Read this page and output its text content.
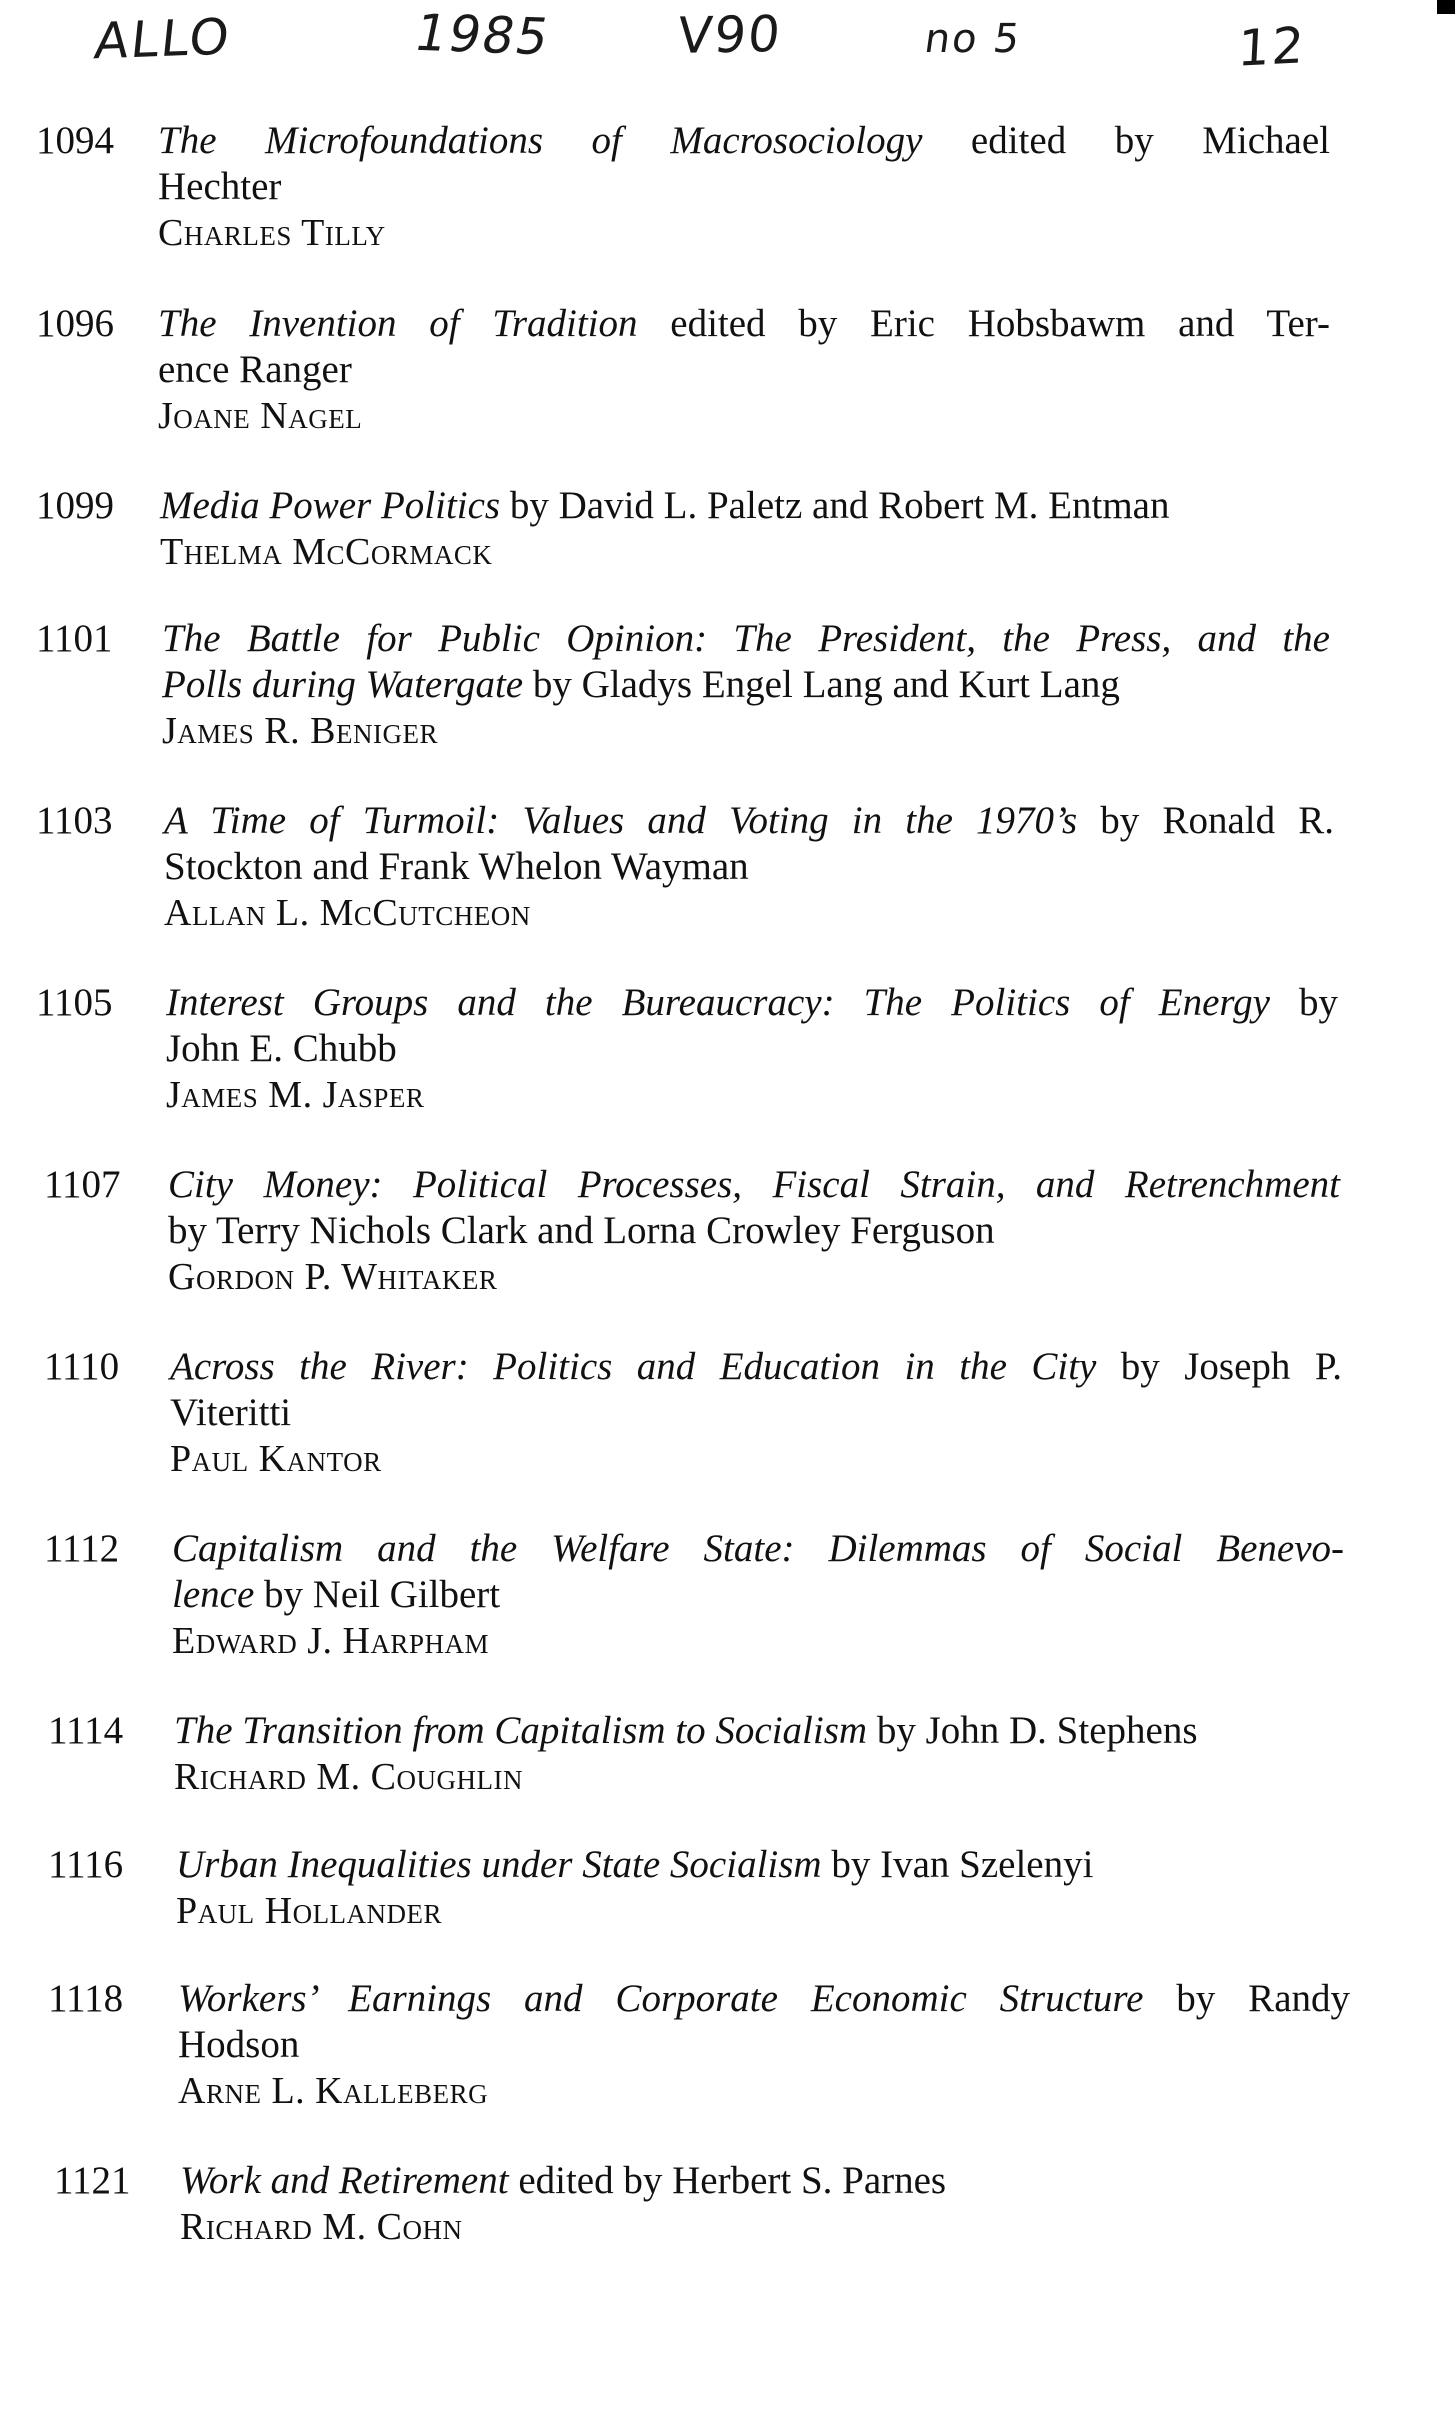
ALLO	1985 V90	no 5	12
1094	The Microfoundations of Macrosociology edited by Michael
Hechter
Charles Tilly
1096	The Invention of Tradition edited by Eric Hobsbawm and Ter-
ence Ranger
Joane Nagel
1099	Media Power Politics by David L. Paletz and Robert M. Entman
Thelma McCormack
1101	The Battle for Public Opinion: The President, the Press, and the
Polls during Watergate by Gladys Engel Lang and Kurt Lang
James R. Beniger
1103	A Time of Turmoil: Values and Voting in the 1970’s by Ronald R.
Stockton and Frank Whelon Wayman
Allan L. McCutcheon
1105	Interest Groups and the Bureaucracy: The Politics of Energy by
John E. Chubb
James M. Jasper
1107	City Money: Political Processes, Fiscal Strain, and Retrenchment
by Terry Nichols Clark and Lorna Crowley Ferguson
Gordon P. Whitaker
1110	Across the River: Politics and Education in the City by Joseph P.
Viteritti
Paul Kantor
1112	Capitalism and the Welfare State: Dilemmas of Social Benevo-
lence by Neil Gilbert
Edward J. Harpham
1114	The Transition from Capitalism to Socialism by John D. Stephens
Richard M. Coughlin
1116	Urban Inequalities under State Socialism by Ivan Szelenyi
Paul Hollander
1118	Workers’ Earnings and Corporate Economic Structure by Randy
Hodson
Arne L. Kalleberg
1121	Work and Retirement edited by Herbert S. Parnes
Richard M. Cohn
